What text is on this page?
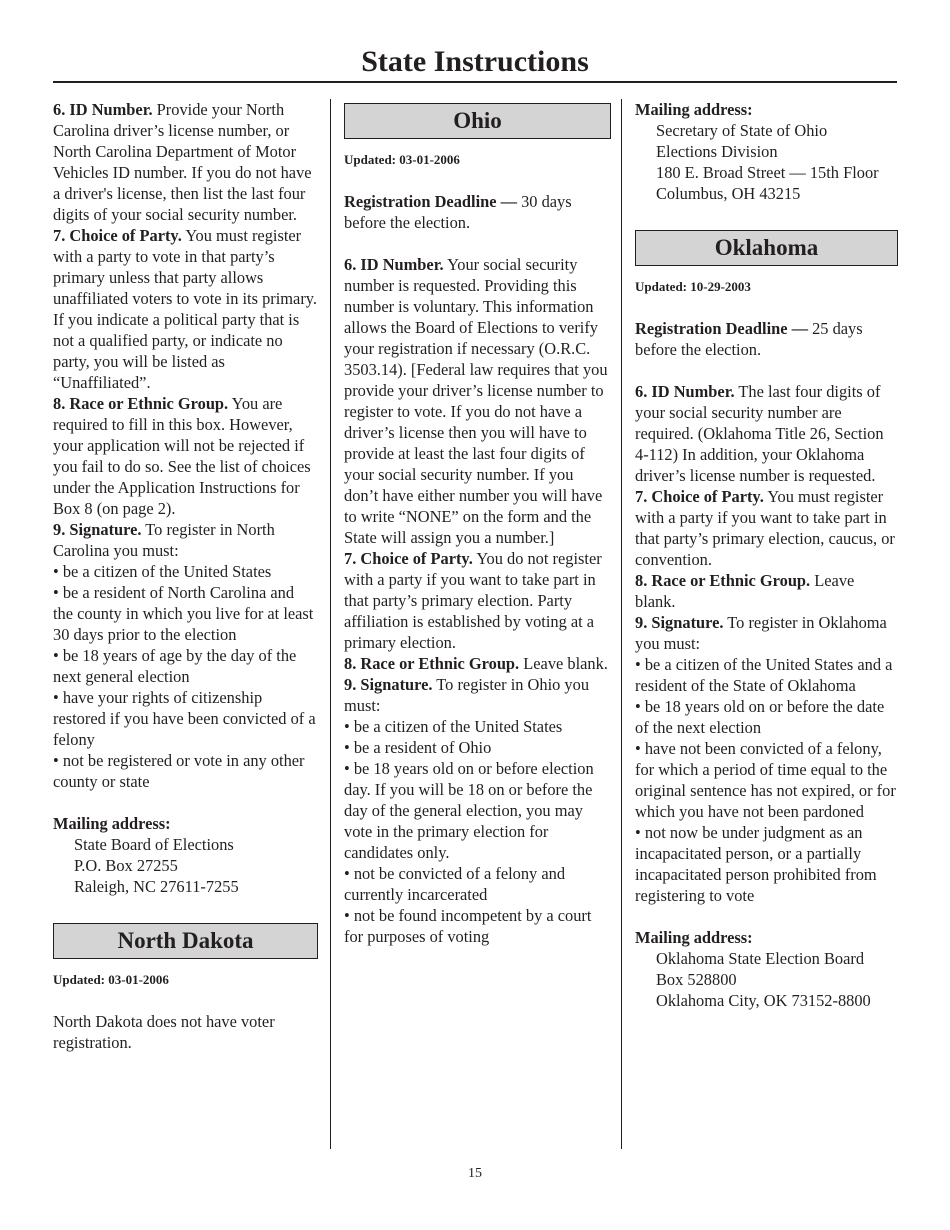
State Instructions

6. ID Number. Provide your North Carolina driver’s license number, or North Carolina Department of Motor Vehicles ID number. If you do not have a driver's license, then list the last four digits of your social security number.

7. Choice of Party. You must register with a party to vote in that party’s primary unless that party allows unaffiliated voters to vote in its primary. If you indicate a political party that is not a qualified party, or indicate no party, you will be listed as “Unaffiliated”.

8. Race or Ethnic Group. You are required to fill in this box. However, your application will not be rejected if you fail to do so. See the list of choices under the Application Instructions for Box 8 (on page 2).

9. Signature. To register in North Carolina you must:

• be a citizen of the United States

• be a resident of North Carolina and the county in which you live for at least 30 days prior to the election

• be 18 years of age by the day of the next general election

• have your rights of citizenship restored if you have been convicted of a felony

• not be registered or vote in any other county or state

Mailing address:

State Board of Elections

P.O. Box 27255

Raleigh, NC 27611-7255

North Dakota

Updated: 03-01-2006

North Dakota does not have voter registration.

Ohio

Updated: 03-01-2006

Registration Deadline — 30 days before the election.

6. ID Number. Your social security number is requested. Providing this number is voluntary. This information allows the Board of Elections to verify your registration if necessary (O.R.C. 3503.14). [Federal law requires that you provide your driver’s license number to register to vote. If you do not have a driver’s license then you will have to provide at least the last four digits of your social security number. If you don’t have either number you will have to write “NONE” on the form and the State will assign you a number.]

7. Choice of Party. You do not register with a party if you want to take part in that party’s primary election. Party affiliation is established by voting at a primary election.

8. Race or Ethnic Group. Leave blank.

9. Signature. To register in Ohio you must:

• be a citizen of the United States

• be a resident of Ohio

• be 18 years old on or before election day. If you will be 18 on or before the day of the general election, you may vote in the primary election for candidates only.

• not be convicted of a felony and currently incarcerated

• not be found incompetent by a court for purposes of voting

Mailing address:

Secretary of State of Ohio

Elections Division

180 E. Broad Street — 15th Floor

Columbus, OH 43215

Oklahoma

Updated: 10-29-2003

Registration Deadline — 25 days before the election.

6. ID Number. The last four digits of your social security number are required. (Oklahoma Title 26, Section 4-112) In addition, your Oklahoma driver’s license number is requested.

7. Choice of Party. You must register with a party if you want to take part in that party’s primary election, caucus, or convention.

8. Race or Ethnic Group. Leave blank.

9. Signature. To register in Oklahoma you must:

• be a citizen of the United States and a resident of the State of Oklahoma

• be 18 years old on or before the date of the next election

• have not been convicted of a felony, for which a period of time equal to the original sentence has not expired, or for which you have not been pardoned

• not now be under judgment as an incapacitated person, or a partially incapacitated person prohibited from registering to vote

Mailing address:

Oklahoma State Election Board

Box 528800

Oklahoma City, OK 73152-8800

15
